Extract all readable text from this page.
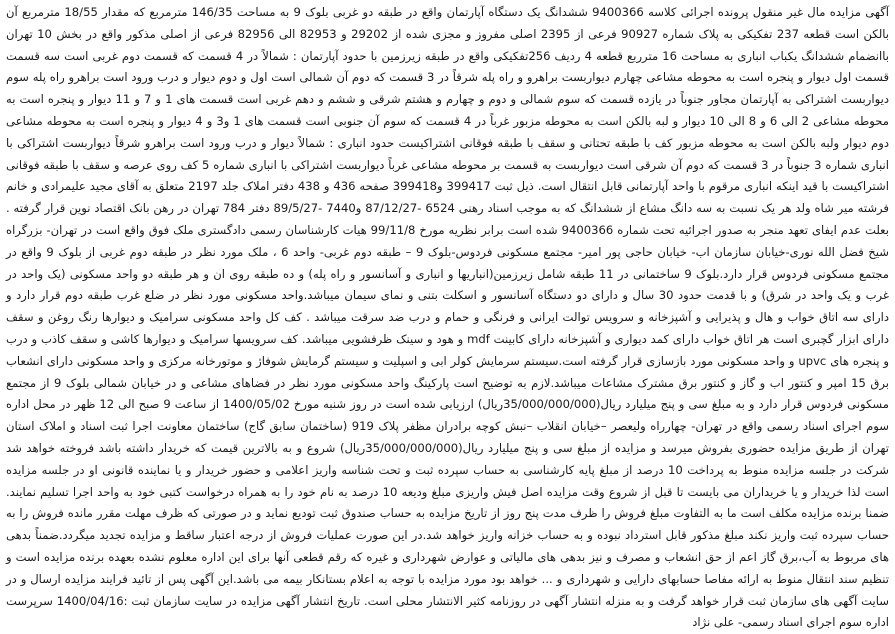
آگهی مزایده مال غیر منقول پرونده اجرائی کلاسه 9400366 ششدانگ یک دستگاه آپارتمان واقع در طبقه دو غربی بلوک 9 به مساحت 146/35 مترمربع که مقدار 18/55 مترمربع آن بالکن است قطعه 237 تفکیکی به پلاک شماره 90927 فرعی از 2395 اصلی مفروز و مجزی شده از 29202 و 82953 الی 82956 فرعی از اصلی مذکور واقع در بخش 10 تهران باانضمام ششدانگ یکباب انباری به مساحت 16 مترربع قطعه 4 ردیف 256تفکیکی واقع در طبقه زیرزمین با حدود آپارتمان : شمالاً در 4 قسمت که قسمت دوم غربی است سه قسمت قسمت اول دیوار و پنجره است به محوطه مشاعی چهارم دیواربست براهرو و راه پله شرقاً در 3 قسمت که دوم آن شمالی است اول و دوم دیوار و درب ورود است براهرو راه پله سوم دیواربست اشتراکی به آپارتمان مجاور جنوباً در یازده قسمت که سوم شمالی و دوم و چهارم و هشتم شرقی و ششم و دهم غربی است قسمت های 1 و 7 و 11 دیوار و پنجره است به محوطه مشاعی 2 الی 6 و 8 الی 10 دیوار و لبه بالکن است به محوطه مزبور غرباً در 4 قسمت که سوم آن جنوبی است قسمت های 1 و3 و 4 دیوار و پنجره است به محوطه مشاعی دوم دیوار ولبه بالکن است به محوطه مزبور کف با طبقه تحتانی و سقف با طبقه فوقانی اشتراکیست حدود انباری : شمالاً دیوار و درب ورود است براهرو شرقاً دیواربست اشتراکی با انباری شماره 3 جنوباً در 3 قسمت که دوم آن شرقی است دیواربست به قسمت بر محوطه مشاعی غرباً دیواربست اشتراکی با انباری شماره 5 کف روی عرصه و سقف با طبقه فوقانی اشتراکیست با قید اینکه انباری مرقوم با واحد آپارتمانی قابل انتقال است. ذیل ثبت 399417 و399418 صفحه 436 و 438 دفتر املاک جلد 2197 متعلق به آقای مجید علیمرادی و خانم فرشته میر شاه ولد هر یک نسبت به سه دانگ مشاع از ششدانگ که به موجب اسناد رهنی 6524 -87/12/27 و7440 -89/5/27 دفتر 784 تهران در رهن بانک اقتصاد نوین قرار گرفته . بعلت عدم ایفای تعهد منجر به صدور اجرائیه تحت شماره 9400366 شده است برابر نظریه مورخ 99/11/8 هیات کارشناسان رسمی دادگستری ملک فوق واقع است در تهران- بزرگراه شیخ فضل الله نوری-خیابان سازمان اب- خیابان حاجی پور امیر- مجتمع مسکونی فردوس-بلوک 9 – طبقه دوم غربی- واحد 6 ، ملک مورد نظر در طبقه دوم غربی از بلوک 9 واقع در مجتمع مسکونی فردوس قرار دارد.بلوک 9 ساختمانی در 11 طبقه شامل زیرزمین(انباریها و انباری و آسانسور و راه پله) و ده طبقه روی ان و هر طبقه دو واحد مسکونی (یک واحد در غرب و یک واحد در شرق) و با قدمت حدود 30 سال و دارای دو دستگاه آسانسور و اسکلت بتنی و نمای سیمان میباشد.واحد مسکونی مورد نظر در ضلع غرب طبقه دوم قرار دارد و دارای سه اتاق خواب و هال و پذیرایی و آشپزخانه و سرویس توالت ایرانی و فرنگی و حمام و درب ضد سرقت میباشد . کف کل واحد مسکونی سرامیک و دیوارها رنگ روغن و سقف دارای ابزار گچبری است هر اتاق خواب دارای کمد دیواری و آشپزخانه دارای کابینت mdf و هود و سینک ظرفشویی میباشد. کف سرویسها سرامیک و دیوارها کاشی و سقف کاذب و درب و پنجره های upvc و واحد مسکونی مورد بازسازی قرار گرفته است.سیستم سرمایش کولر ابی و اسپلیت و سیستم گرمایش شوفاژ و موتورخانه مرکزی و واحد مسکونی دارای انشعاب برق 15 امپر و کنتور اب و گاز و کنتور برق مشترک مشاعات میباشد.لازم به توضیح است پارکینگ واحد مسکونی مورد نظر در فضاهای مشاعی و در خیابان شمالی بلوک 9 از مجتمع مسکونی فردوس قرار دارد و به مبلغ سی و پنج میلیارد ریال(35/000/000/000ریال) ارزیابی شده است در روز شنبه مورخ 1400/05/02 از ساعت 9 صبح الی 12 ظهر در محل اداره سوم اجرای اسناد رسمی واقع در تهران- چهارراه ولیعصر –خیابان انقلاب –نبش کوچه برادران مظفر پلاک 919 (ساختمان سابق گاج) ساختمان معاونت اجرا ثبت اسناد و املاک استان تهران از طریق مزایده حضوری بفروش میرسد و مزایده از مبلغ سی و پنج میلیارد ریال(35/000/000/000ریال) شروع و به بالاترین قیمت که خریدار داشته باشد فروخته خواهد شد شرکت در جلسه مزایده منوط به پرداخت 10 درصد از مبلغ پایه کارشناسی به حساب سپرده ثبت و تحت شناسه واریز اعلامی و حضور خریدار و یا نماینده قانونی او در جلسه مزایده است لذا خریدار و یا خریداران می بایست تا قبل از شروع وقت مزایده اصل فیش واریزی مبلغ ودیعه 10 درصد به نام خود را به همراه درخواست کتبی خود به واحد اجرا تسلیم نمایند. ضمنا برنده مزایده مکلف است ما به التفاوت مبلغ فروش را ظرف مدت پنج روز از تاریخ مزایده به حساب صندوق ثبت تودیع نماید و در صورتی که ظرف مهلت مقرر مانده فروش را به حساب سپرده ثبت واریز نکند مبلغ مذکور قابل استرداد نبوده و به حساب خزانه واریز خواهد شد.در این صورت عملیات فروش از درجه اعتبار ساقط و مزایده تجدید میگردد.ضمناً بدهی های مربوط به آب،برق گاز اعم از حق انشعاب و مصرف و نیز بدهی های مالیاتی و عوارض شهرداری و غیره که رقم قطعی آنها برای این اداره معلوم نشده بعهده برنده مزایده است و تنظیم سند انتقال منوط به ارائه مفاصا حسابهای دارایی و شهرداری و ... خواهد بود مورد مزایده با توجه به اعلام بستانکار بیمه می باشد.این آگهی پس از تائید فرایند مزایده ارسال و در سایت آگهی های سازمان ثبت قرار خواهد گرفت و به منزله انتشار آگهی در روزنامه کثیر الانتشار محلی است. تاریخ انتشار آگهی مزایده در سایت سازمان ثبت :1400/04/16 سرپرست اداره سوم اجرای اسناد رسمی- علی نژاد
